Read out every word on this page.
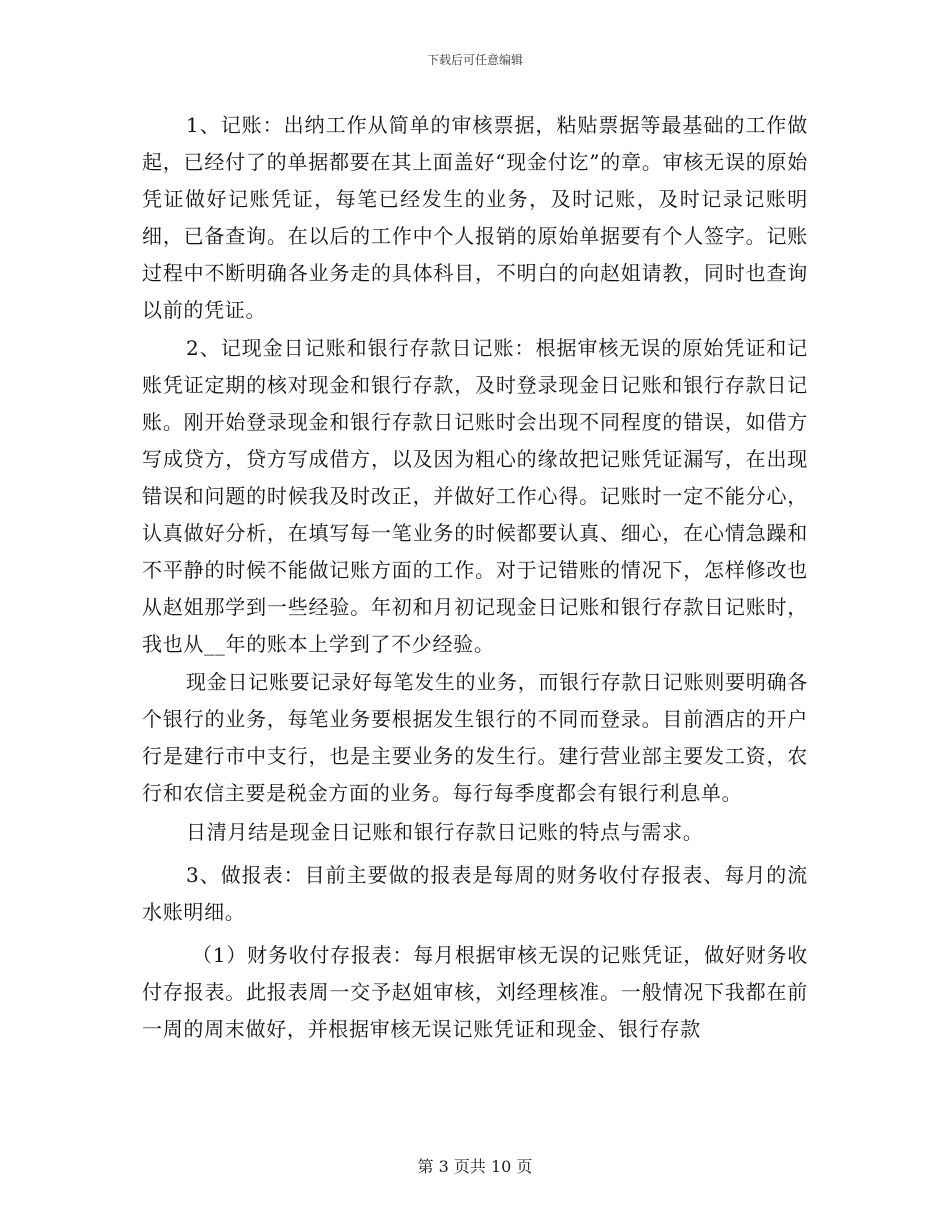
下载后可任意编辑

1、记账：出纳工作从简单的审核票据，粘贴票据等最基础的工作做起，已经付了的单据都要在其上面盖好“现金付讫”的章。审核无误的原始凭证做好记账凭证，每笔已经发生的业务，及时记账，及时记录记账明细，已备查询。在以后的工作中个人报销的原始单据要有个人签字。记账过程中不断明确各业务走的具体科目，不明白的向赵姐请教，同时也查询以前的凭证。

2、记现金日记账和银行存款日记账：根据审核无误的原始凭证和记账凭证定期的核对现金和银行存款，及时登录现金日记账和银行存款日记账。刚开始登录现金和银行存款日记账时会出现不同程度的错误，如借方写成贷方，贷方写成借方，以及因为粗心的缘故把记账凭证漏写，在出现错误和问题的时候我及时改正，并做好工作心得。记账时一定不能分心，认真做好分析，在填写每一笔业务的时候都要认真、细心，在心情急躁和不平静的时候不能做记账方面的工作。对于记错账的情况下，怎样修改也从赵姐那学到一些经验。年初和月初记现金日记账和银行存款日记账时，我也从__年的账本上学到了不少经验。

现金日记账要记录好每笔发生的业务，而银行存款日记账则要明确各个银行的业务，每笔业务要根据发生银行的不同而登录。目前酒店的开户行是建行市中支行，也是主要业务的发生行。建行营业部主要发工资，农行和农信主要是税金方面的业务。每行每季度都会有银行利息单。

日清月结是现金日记账和银行存款日记账的特点与需求。

3、做报表：目前主要做的报表是每周的财务收付存报表、每月的流水账明细。

（1）财务收付存报表：每月根据审核无误的记账凭证，做好财务收付存报表。此报表周一交予赵姐审核，刘经理核准。一般情况下我都在前一周的周末做好，并根据审核无误记账凭证和现金、银行存款

第 3 页共 10 页
